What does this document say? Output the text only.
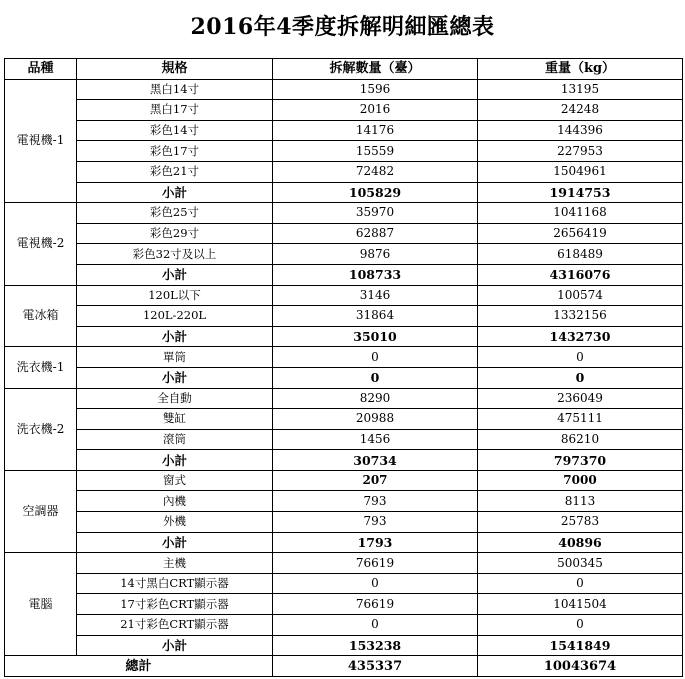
2016年4季度拆解明細匯總表
品種	規格	拆解數量（臺）	重量（kg）
電視機-1	黑白14寸	1596	13195
	黑白17寸	2016	24248
	彩色14寸	14176	144396
	彩色17寸	15559	227953
	彩色21寸	72482	1504961
	小計	105829	1914753
電視機-2	彩色25寸	35970	1041168
	彩色29寸	62887	2656419
	彩色32寸及以上	9876	618489
	小計	108733	4316076
電冰箱	120L以下	3146	100574
	120L-220L	31864	1332156
	小計	35010	1432730
洗衣機-1	單筒	0	0
	小計	0	0
洗衣機-2	全自動	8290	236049
	雙缸	20988	475111
	滾筒	1456	86210
	小計	30734	797370
空調器	窗式	207	7000
	內機	793	8113
	外機	793	25783
	小計	1793	40896
電腦	主機	76619	500345
	14寸黑白CRT顯示器	0	0
	17寸彩色CRT顯示器	76619	1041504
	21寸彩色CRT顯示器	0	0
	小計	153238	1541849
總計		435337	10043674
